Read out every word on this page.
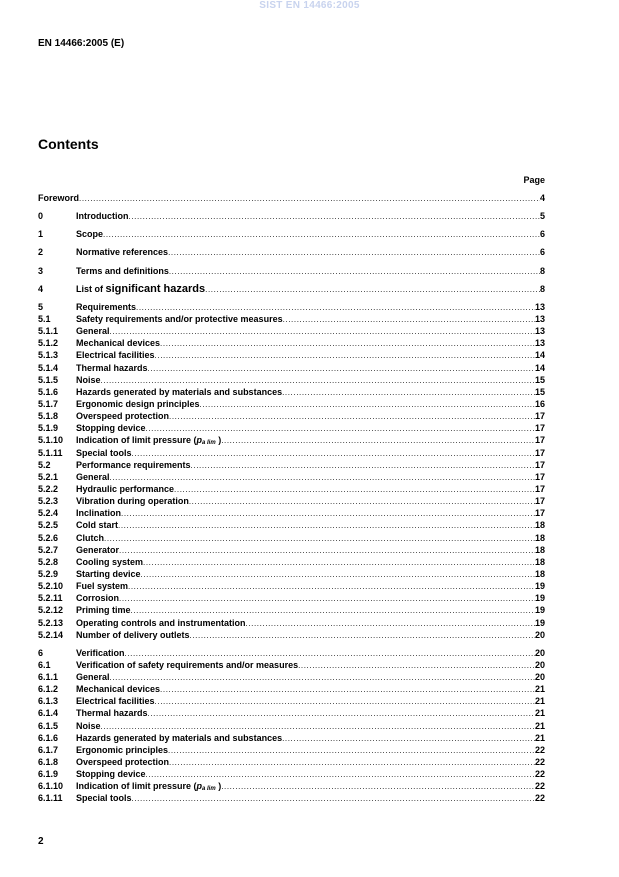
SIST EN 14466:2005
EN 14466:2005 (E)
Contents
Page
Foreword .....	4
0	Introduction .....	5
1	Scope .....	6
2	Normative references .....	6
3	Terms and definitions .....	8
4	List of significant hazards .....	8
5	Requirements .....	13
5.1	Safety requirements and/or protective measures .....	13
5.1.1	General .....	13
5.1.2	Mechanical devices .....	13
5.1.3	Electrical facilities .....	14
5.1.4	Thermal hazards .....	14
5.1.5	Noise .....	15
5.1.6	Hazards generated by materials and substances .....	15
5.1.7	Ergonomic design principles .....	16
5.1.8	Overspeed protection .....	17
5.1.9	Stopping device .....	17
5.1.10	Indication of limit pressure ($p_{a lim}$ ) .....	17
5.1.11	Special tools .....	17
5.2	Performance requirements .....	17
5.2.1	General .....	17
5.2.2	Hydraulic performance .....	17
5.2.3	Vibration during operation .....	17
5.2.4	Inclination .....	17
5.2.5	Cold start .....	18
5.2.6	Clutch .....	18
5.2.7	Generator .....	18
5.2.8	Cooling system .....	18
5.2.9	Starting device .....	18
5.2.10	Fuel system .....	19
5.2.11	Corrosion .....	19
5.2.12	Priming time .....	19
5.2.13	Operating controls and instrumentation .....	19
5.2.14	Number of delivery outlets .....	20
6	Verification .....	20
6.1	Verification of safety requirements and/or measures .....	20
6.1.1	General .....	20
6.1.2	Mechanical devices .....	21
6.1.3	Electrical facilities .....	21
6.1.4	Thermal hazards .....	21
6.1.5	Noise .....	21
6.1.6	Hazards generated by materials and substances .....	21
6.1.7	Ergonomic principles .....	22
6.1.8	Overspeed protection .....	22
6.1.9	Stopping device .....	22
6.1.10	Indication of limit pressure ($p_{a lim}$ ) .....	22
6.1.11	Special tools .....	22
2
